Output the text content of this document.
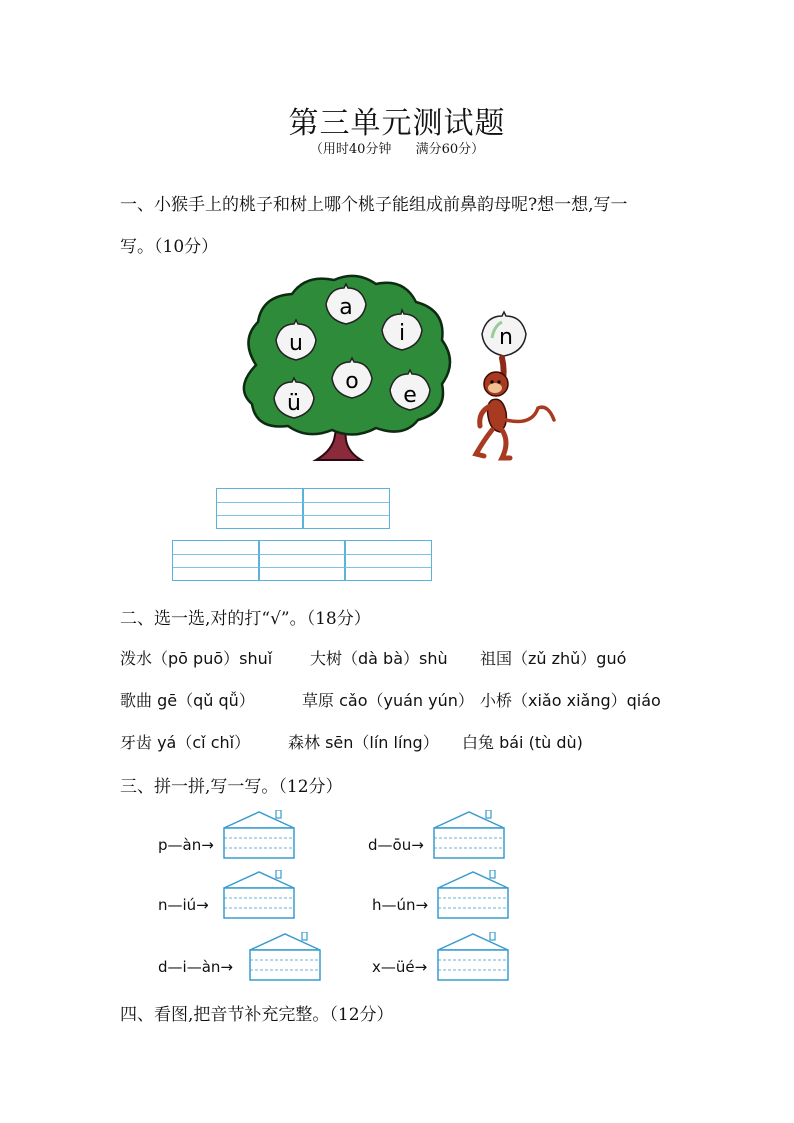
第三单元测试题
（用时40分钟 满分60分）
一、小猴手上的桃子和树上哪个桃子能组成前鼻韵母呢?想一想,写一
写。（10分）
a
i
u
o
ü	e
n
二、选一选,对的打“√”。（18分）
泼水（pō puō）shuǐ 大树（dà bà）shù 祖国（zǔ zhǔ）guó
歌曲 gē（qǔ qǚ）	草原 cǎo（yuán yún） 小桥（xiǎo xiǎng）qiáo
牙齿 yá（cǐ chǐ） 森林 sēn（lín líng） 白兔 bái (tù dù)
三、拼一拼,写一写。（12分）
p—àn→	d—ōu→
n—iú→	h—ún→
d—i—àn→	x—üé→
四、看图,把音节补充完整。（12分）
